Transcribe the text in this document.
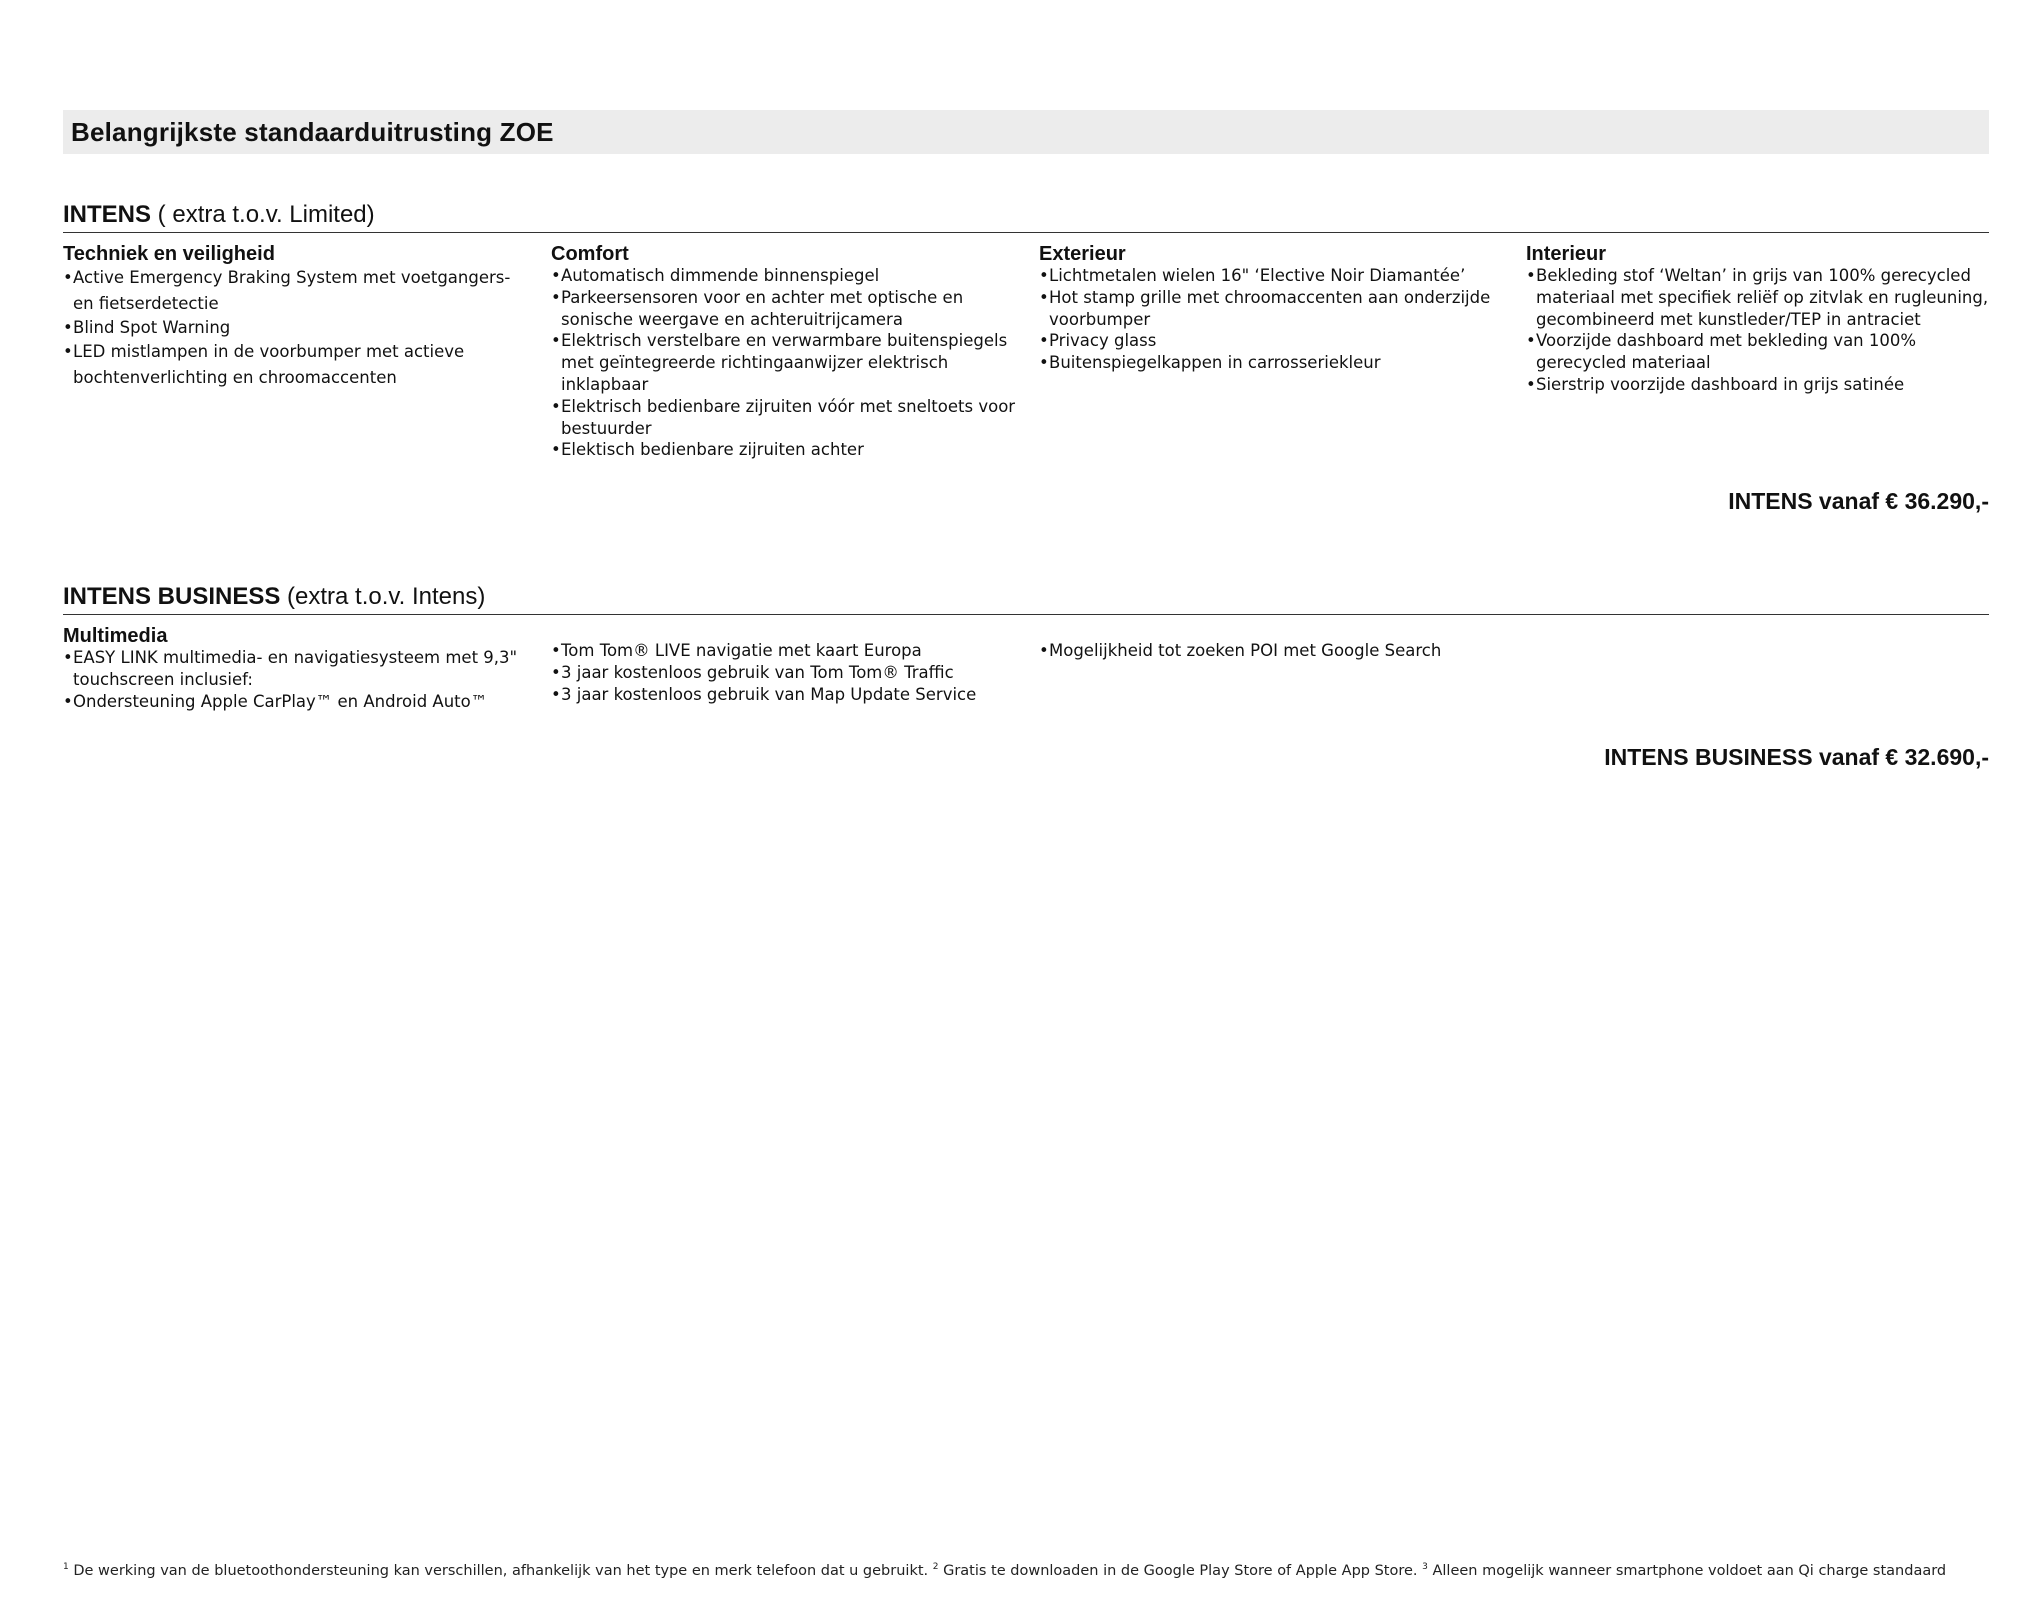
Belangrijkste standaarduitrusting ZOE
INTENS ( extra t.o.v. Limited)
Techniek en veiligheid
• Active Emergency Braking System met voetgangers- en fietserdetectie
• Blind Spot Warning
• LED mistlampen in de voorbumper met actieve bochtenverlichting en chroomaccenten
Comfort
• Automatisch dimmende binnenspiegel
• Parkeersensoren voor en achter met optische en sonische weergave en achteruitrijcamera
• Elektrisch verstelbare en verwarmbare buitenspiegels met geïntegreerde richtingaanwijzer elektrisch inklapbaar
• Elektrisch bedienbare zijruiten vóór met sneltoets voor bestuurder
• Elektisch bedienbare zijruiten achter
Exterieur
• Lichtmetalen wielen 16" ‘Elective Noir Diamantée’
• Hot stamp grille met chroomaccenten aan onderzijde voorbumper
• Privacy glass
• Buitenspiegelkappen in carrosseriekleur
Interieur
• Bekleding stof ‘Weltan’ in grijs van 100% gerecycled materiaal met specifiek reliëf op zitvlak en rugleuning, gecombineerd met kunstleder/TEP in antraciet
• Voorzijde dashboard met bekleding van 100% gerecycled materiaal
• Sierstrip voorzijde dashboard in grijs satinée
INTENS vanaf € 36.290,-
INTENS BUSINESS (extra t.o.v. Intens)
Multimedia
• EASY LINK multimedia- en navigatiesysteem met 9,3" touchscreen inclusief:
• Ondersteuning Apple CarPlay™ en Android Auto™
• Tom Tom® LIVE navigatie met kaart Europa
• 3 jaar kostenloos gebruik van Tom Tom® Traffic
• 3 jaar kostenloos gebruik van Map Update Service
• Mogelijkheid tot zoeken POI met Google Search
INTENS BUSINESS vanaf € 32.690,-
$^1$ De werking van de bluetoothondersteuning kan verschillen, afhankelijk van het type en merk telefoon dat u gebruikt. $^2$ Gratis te downloaden in de Google Play Store of Apple App Store. $^3$ Alleen mogelijk wanneer smartphone voldoet aan Qi charge standaard
